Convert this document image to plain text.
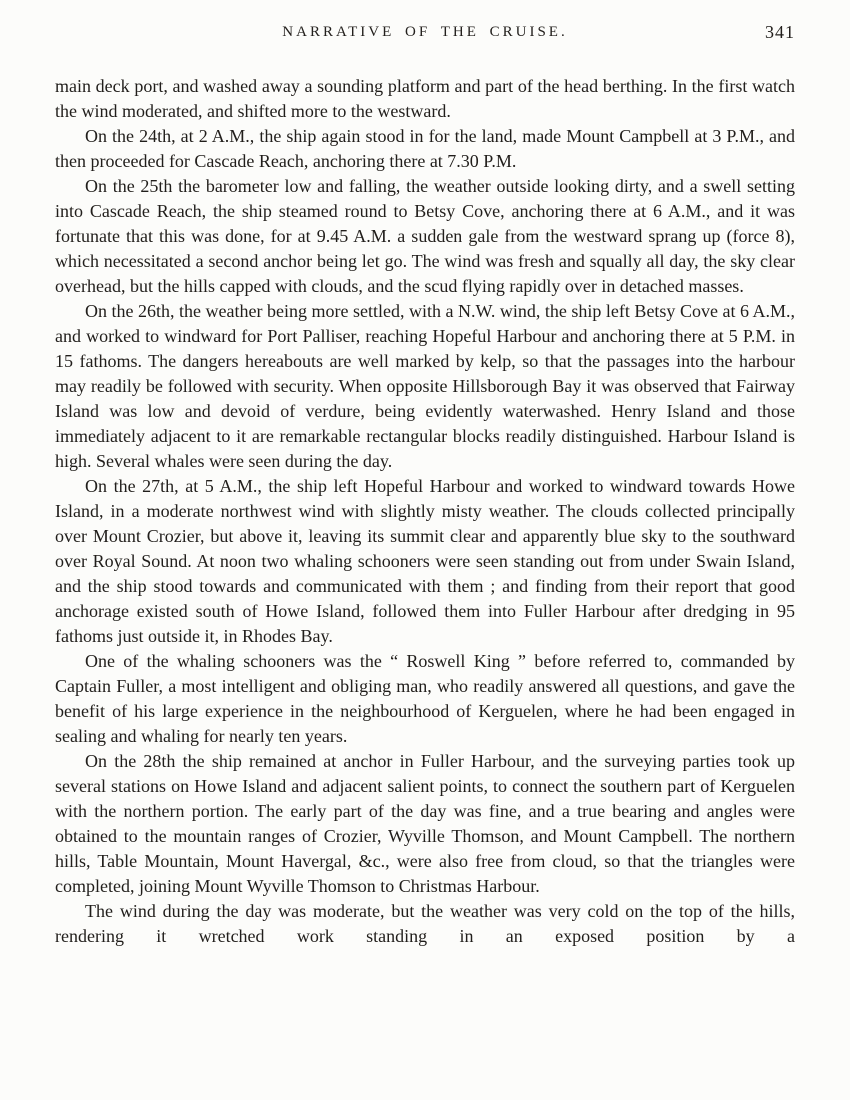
NARRATIVE OF THE CRUISE.	341

main deck port, and washed away a sounding platform and part of the head berthing. In the first watch the wind moderated, and shifted more to the westward.

On the 24th, at 2 A.M., the ship again stood in for the land, made Mount Campbell at 3 P.M., and then proceeded for Cascade Reach, anchoring there at 7.30 P.M.

On the 25th the barometer low and falling, the weather outside looking dirty, and a swell setting into Cascade Reach, the ship steamed round to Betsy Cove, anchoring there at 6 A.M., and it was fortunate that this was done, for at 9.45 A.M. a sudden gale from the westward sprang up (force 8), which necessitated a second anchor being let go. The wind was fresh and squally all day, the sky clear overhead, but the hills capped with clouds, and the scud flying rapidly over in detached masses.

On the 26th, the weather being more settled, with a N.W. wind, the ship left Betsy Cove at 6 A.M., and worked to windward for Port Palliser, reaching Hopeful Harbour and anchoring there at 5 P.M. in 15 fathoms. The dangers hereabouts are well marked by kelp, so that the passages into the harbour may readily be followed with security. When opposite Hillsborough Bay it was observed that Fairway Island was low and devoid of verdure, being evidently waterwashed. Henry Island and those immediately adjacent to it are remarkable rectangular blocks readily distinguished. Harbour Island is high. Several whales were seen during the day.

On the 27th, at 5 A.M., the ship left Hopeful Harbour and worked to windward towards Howe Island, in a moderate northwest wind with slightly misty weather. The clouds collected principally over Mount Crozier, but above it, leaving its summit clear and apparently blue sky to the southward over Royal Sound. At noon two whaling schooners were seen standing out from under Swain Island, and the ship stood towards and communicated with them ; and finding from their report that good anchorage existed south of Howe Island, followed them into Fuller Harbour after dredging in 95 fathoms just outside it, in Rhodes Bay.

One of the whaling schooners was the “ Roswell King ” before referred to, commanded by Captain Fuller, a most intelligent and obliging man, who readily answered all questions, and gave the benefit of his large experience in the neighbourhood of Kerguelen, where he had been engaged in sealing and whaling for nearly ten years.

On the 28th the ship remained at anchor in Fuller Harbour, and the surveying parties took up several stations on Howe Island and adjacent salient points, to connect the southern part of Kerguelen with the northern portion. The early part of the day was fine, and a true bearing and angles were obtained to the mountain ranges of Crozier, Wyville Thomson, and Mount Campbell. The northern hills, Table Mountain, Mount Havergal, &c., were also free from cloud, so that the triangles were completed, joining Mount Wyville Thomson to Christmas Harbour.

The wind during the day was moderate, but the weather was very cold on the top of the hills, rendering it wretched work standing in an exposed position by a
